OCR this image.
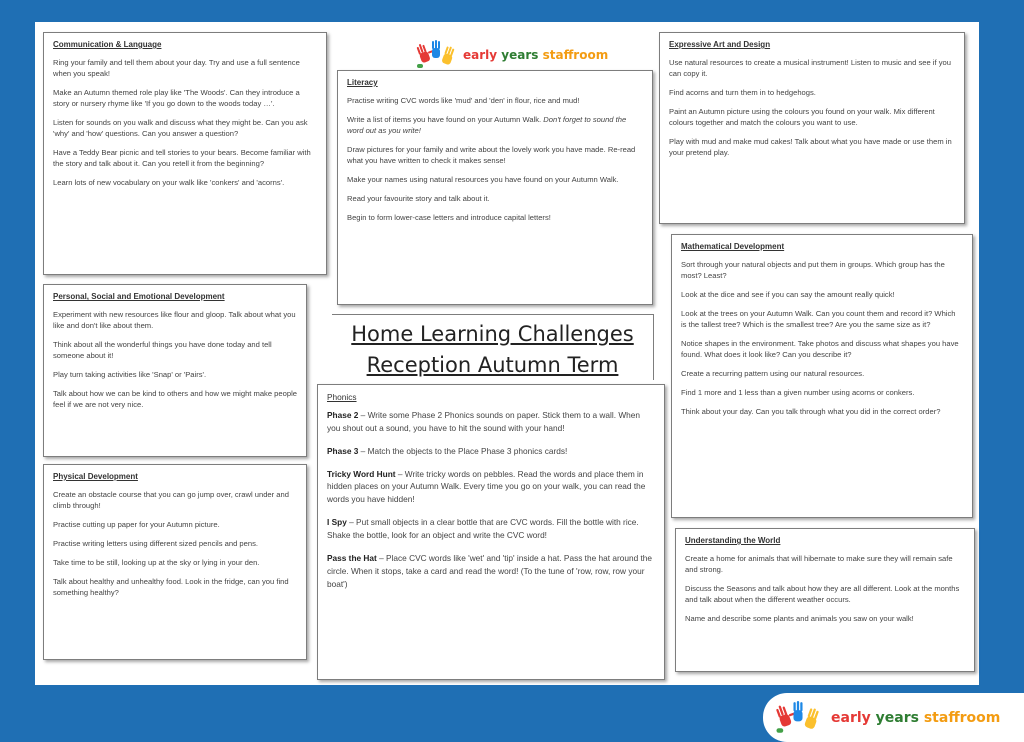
early years staffroom
Communication & Language

Ring your family and tell them about your day. Try and use a full sentence when you speak!

Make an Autumn themed role play like 'The Woods'. Can they introduce a story or nursery rhyme like 'If you go down to the woods today …'.

Listen for sounds on you walk and discuss what they might be. Can you ask 'why' and 'how' questions. Can you answer a question?

Have a Teddy Bear picnic and tell stories to your bears. Become familiar with the story and talk about it. Can you retell it from the beginning?

Learn lots of new vocabulary on your walk like 'conkers' and 'acorns'.

Literacy

Practise writing CVC words like 'mud' and 'den' in flour, rice and mud!

Write a list of items you have found on your Autumn Walk. Don't forget to sound the word out as you write!

Draw pictures for your family and write about the lovely work you have made. Re-read what you have written to check it makes sense!

Make your names using natural resources you have found on your Autumn Walk.

Read your favourite story and talk about it.

Begin to form lower-case letters and introduce capital letters!

Expressive Art and Design

Use natural resources to create a musical instrument! Listen to music and see if you can copy it.

Find acorns and turn them in to hedgehogs.

Paint an Autumn picture using the colours you found on your walk. Mix different colours together and match the colours you want to use.

Play with mud and make mud cakes! Talk about what you have made or use them in your pretend play.

Personal, Social and Emotional Development

Experiment with new resources like flour and gloop. Talk about what you like and don't like about them.

Think about all the wonderful things you have done today and tell someone about it!

Play turn taking activities like 'Snap' or 'Pairs'.

Talk about how we can be kind to others and how we might make people feel if we are not very nice.

Home Learning Challenges
Reception Autumn Term
Mathematical Development

Sort through your natural objects and put them in groups. Which group has the most? Least?

Look at the dice and see if you can say the amount really quick!

Look at the trees on your Autumn Walk. Can you count them and record it? Which is the tallest tree? Which is the smallest tree? Are you the same size as it?

Notice shapes in the environment. Take photos and discuss what shapes you have found. What does it look like? Can you describe it?

Create a recurring pattern using our natural resources.

Find 1 more and 1 less than a given number using acorns or conkers.

Think about your day. Can you talk through what you did in the correct order?

Phonics

Phase 2 – Write some Phase 2 Phonics sounds on paper. Stick them to a wall. When you shout out a sound, you have to hit the sound with your hand!

Phase 3 – Match the objects to the Place Phase 3 phonics cards!

Tricky Word Hunt – Write tricky words on pebbles. Read the words and place them in hidden places on your Autumn Walk. Every time you go on your walk, you can read the words you have hidden!

I Spy – Put small objects in a clear bottle that are CVC words. Fill the bottle with rice. Shake the bottle, look for an object and write the CVC word!

Pass the Hat – Place CVC words like 'wet' and 'tip' inside a hat. Pass the hat around the circle. When it stops, take a card and read the word! (To the tune of 'row, row, row your boat')

Physical Development

Create an obstacle course that you can go jump over, crawl under and climb through!

Practise cutting up paper for your Autumn picture.

Practise writing letters using different sized pencils and pens.

Take time to be still, looking up at the sky or lying in your den.

Talk about healthy and unhealthy food. Look in the fridge, can you find something healthy?

Understanding the World

Create a home for animals that will hibernate to make sure they will remain safe and strong.

Discuss the Seasons and talk about how they are all different. Look at the months and talk about when the different weather occurs.

Name and describe some plants and animals you saw on your walk!

early years staffroom
